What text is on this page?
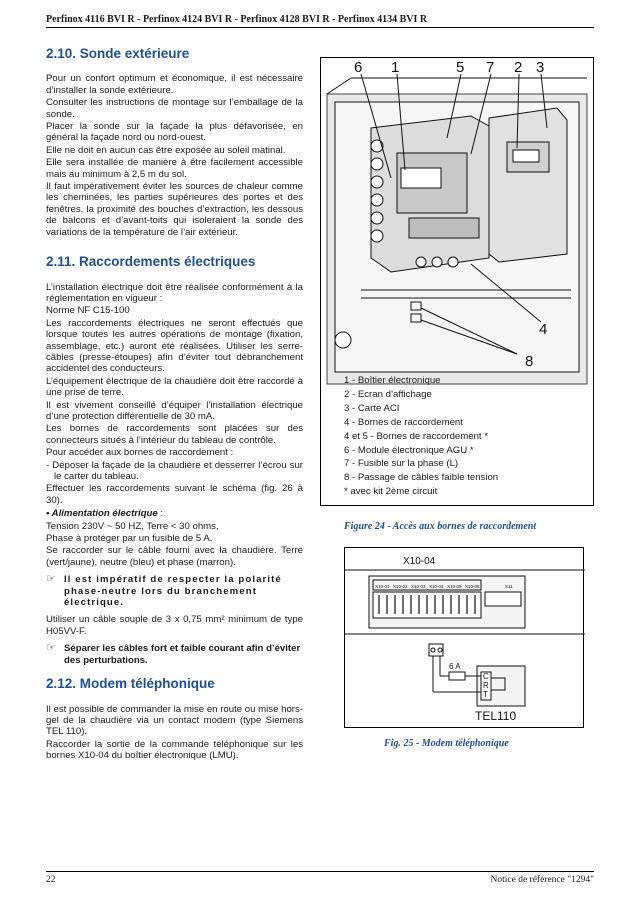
Perfinox 4116 BVI R - Perfinox 4124 BVI R - Perfinox 4128 BVI R - Perfinox 4134 BVI R
2.10. Sonde extérieure
Pour un confort optimum et économique, il est nécessaire d’installer la sonde extérieure.
Consulter les instructions de montage sur l’emballage de la sonde.
Placer la sonde sur la façade la plus défavorisée, en général la façade nord ou nord-ouest.
Elle ne doit en aucun cas être exposée au soleil matinal.
Elle sera installée de manière à être facilement accessible mais au minimum à 2,5 m du sol.
Il faut impérativement éviter les sources de chaleur comme les cheminées, les parties supérieures des portes et des fenêtres, la proximité des bouches d’extraction, les dessous de balcons et d’avant-toits qui isoleraient la sonde des variations de la température de l’air extérieur.
2.11. Raccordements électriques
L’installation électrique doit être réalisée conformément à la réglementation en vigueur :
Norme NF C15-100
Les raccordements électriques ne seront effectués que lorsque toutes les autres opérations de montage (fixation, assemblage, etc.) auront été réalisées. Utiliser les serre-câbles (presse-étoupes) afin d’éviter tout débranchement accidentel des conducteurs.
L’équipement électrique de la chaudière doit être raccordé à une prise de terre.
Il est vivement conseillé d’équiper l’installation électrique d’une protection différentielle de 30 mA.
Les bornes de raccordements sont placées sur des connecteurs situés à l’intérieur du tableau de contrôle.
Pour accéder aux bornes de raccordement :
- Déposer la façade de la chaudière et desserrer l’écrou sur le carter du tableau.
Effectuer les raccordements suivant le schéma (fig. 26 à 30).
• Alimentation électrique :
Tension 230V ~ 50 HZ, Terre < 30 ohms,
Phase à protéger par un fusible de 5 A.
Se raccorder sur le câble fourni avec la chaudière. Terre (vert/jaune), neutre (bleu) et phase (marron).
☞ Il est impératif de respecter la polarité phase-neutre lors du branchement électrique.
Utiliser un câble souple de 3 x 0,75 mm² minimum de type H05VV-F.
☞ Séparer les câbles fort et faible courant afin d’éviter des perturbations.
2.12. Modem téléphonique
Il est possible de commander la mise en route ou mise hors-gel de la chaudière via un contact modem (type Siemens TEL 110).
Raccorder la sortie de la commande téléphonique sur les bornes X10-04 du boîtier électronique (LMU).
6 1	5 7 2 3
4
8
1 - Boîtier électronique
2 - Ecran d’affichage
3 - Carte ACI
4 - Bornes de raccordement
4 et 5 - Bornes de raccordement *
6 - Module électronique AGU *
7 - Fusible sur la phase (L)
8 - Passage de câbles faible tension
* avec kit 2ème circuit
Figure 24 - Accès aux bornes de raccordement
X10-04
X10-01 X10-02 X10-03 X10-04 X10-05 X10-06	X11
6 A
C
R
T
TEL110
Fig. 25 - Modem téléphonique
22	Notice de référence "1294"
